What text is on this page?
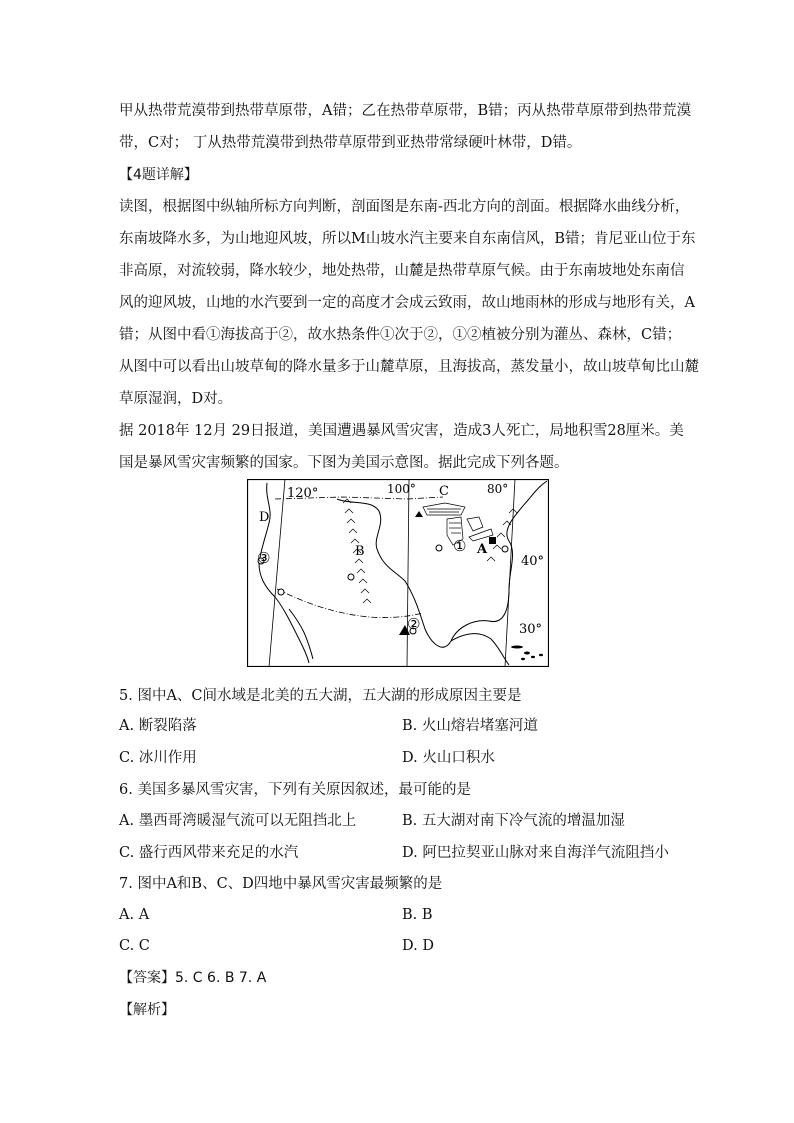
甲从热带荒漠带到热带草原带，A错；乙在热带草原带，B错；丙从热带草原带到热带荒漠
带，C对； 丁从热带荒漠带到热带草原带到亚热带常绿硬叶林带，D错。
【4题详解】
读图，根据图中纵轴所标方向判断，剖面图是东南-西北方向的剖面。根据降水曲线分析，
东南坡降水多，为山地迎风坡，所以M山坡水汽主要来自东南信风，B错；肯尼亚山位于东
非高原，对流较弱，降水较少，地处热带，山麓是热带草原气候。由于东南坡地处东南信
风的迎风坡，山地的水汽要到一定的高度才会成云致雨，故山地雨林的形成与地形有关，A
错；从图中看①海拔高于②，故水热条件①次于②，①②植被分别为灌丛、森林，C错；
从图中可以看出山坡草甸的降水量多于山麓草原，且海拔高，蒸发量小，故山坡草甸比山麓
草原湿润，D对。
据 2018年 12月 29日报道，美国遭遇暴风雪灾害，造成3人死亡，局地积雪28厘米。美
国是暴风雪灾害频繁的国家。下图为美国示意图。据此完成下列各题。
120°	100°	80°
40°
30°
A
B
C
D
①
②
③
5. 图中A、C间水域是北美的五大湖，五大湖的形成原因主要是
A. 断裂陷落	B. 火山熔岩堵塞河道
C. 冰川作用	D. 火山口积水
6. 美国多暴风雪灾害，下列有关原因叙述，最可能的是
A. 墨西哥湾暖湿气流可以无阻挡北上	B. 五大湖对南下冷气流的增温加湿
C. 盛行西风带来充足的水汽	D. 阿巴拉契亚山脉对来自海洋气流阻挡小
7. 图中A和B、C、D四地中暴风雪灾害最频繁的是
A. A	B. B
C. C	D. D
【答案】5. C 6. B 7. A
【解析】
